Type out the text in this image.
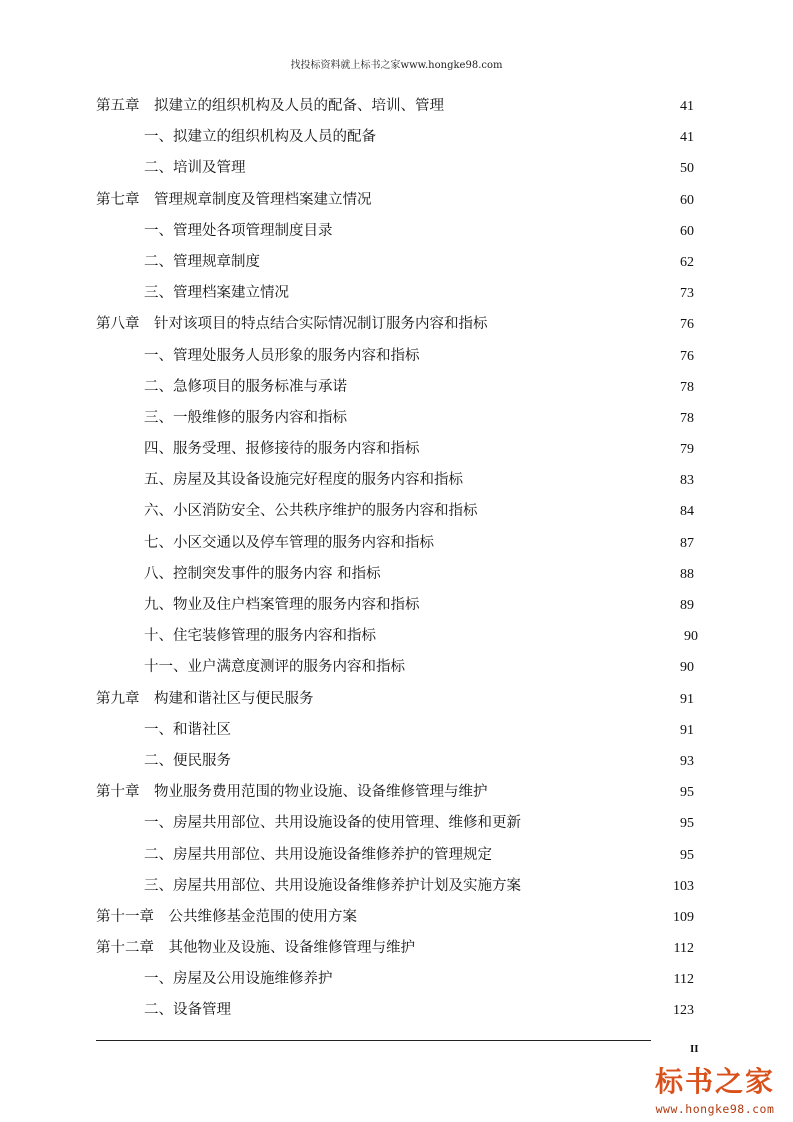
找投标资料就上标书之家www.hongke98.com
第五章　拟建立的组织机构及人员的配备、培训、管理	41
一、拟建立的组织机构及人员的配备	41
二、培训及管理	50
第七章　管理规章制度及管理档案建立情况	60
一、管理处各项管理制度目录	60
二、管理规章制度	62
三、管理档案建立情况	73
第八章　针对该项目的特点结合实际情况制订服务内容和指标	76
一、管理处服务人员形象的服务内容和指标	76
二、急修项目的服务标准与承诺	78
三、一般维修的服务内容和指标	78
四、服务受理、报修接待的服务内容和指标	79
五、房屋及其设备设施完好程度的服务内容和指标	83
六、小区消防安全、公共秩序维护的服务内容和指标	84
七、小区交通以及停车管理的服务内容和指标	87
八、控制突发事件的服务内容 和指标	88
九、物业及住户档案管理的服务内容和指标	89
十、住宅装修管理的服务内容和指标	90
十一、业户满意度测评的服务内容和指标	90
第九章　构建和谐社区与便民服务	91
一、和谐社区	91
二、便民服务	93
第十章　物业服务费用范围的物业设施、设备维修管理与维护	95
一、房屋共用部位、共用设施设备的使用管理、维修和更新	95
二、房屋共用部位、共用设施设备维修养护的管理规定	95
三、房屋共用部位、共用设施设备维修养护计划及实施方案	103
第十一章　公共维修基金范围的使用方案	109
第十二章　其他物业及设施、设备维修管理与维护	112
一、房屋及公用设施维修养护	112
二、设备管理	123
II
标书之家
www.hongke98.com
